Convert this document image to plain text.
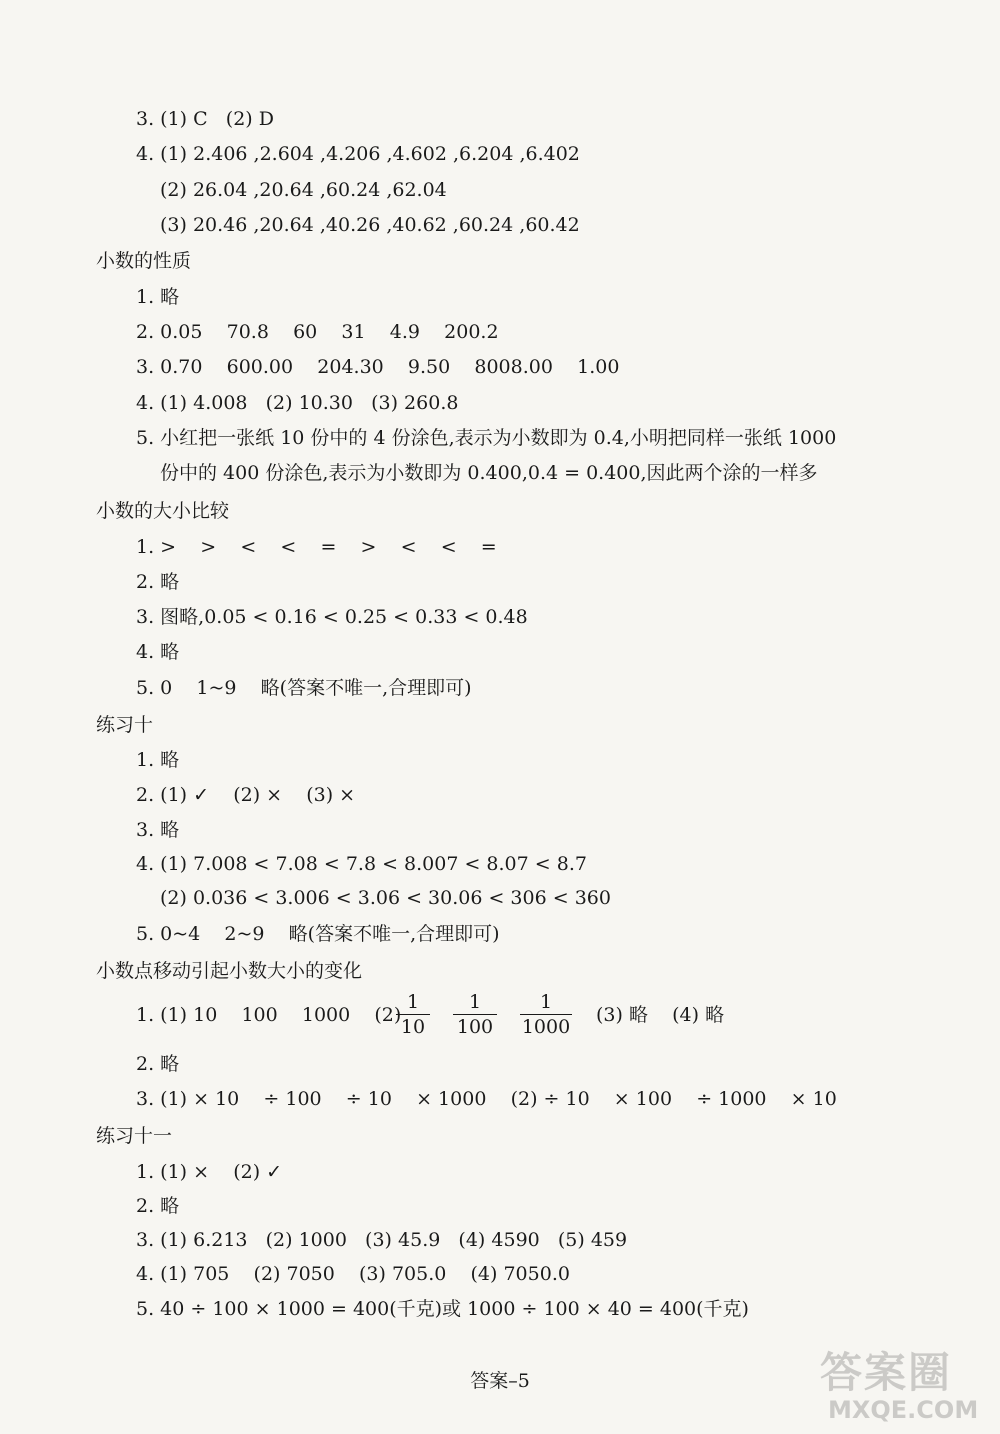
3. (1) C   (2) D
4. (1) 2.406 ,2.604 ,4.206 ,4.602 ,6.204 ,6.402
(2) 26.04 ,20.64 ,60.24 ,62.04
(3) 20.46 ,20.64 ,40.26 ,40.62 ,60.24 ,60.42
小数的性质
1. 略
2. 0.05    70.8    60    31    4.9    200.2
3. 0.70    600.00    204.30    9.50    8008.00    1.00
4. (1) 4.008   (2) 10.30   (3) 260.8
5. 小红把一张纸 10 份中的 4 份涂色,表示为小数即为 0.4,小明把同样一张纸 1000
份中的 400 份涂色,表示为小数即为 0.400,0.4 = 0.400,因此两个涂的一样多
小数的大小比较
1. >    >    <    <    =    >    <    <    =
2. 略
3. 图略,0.05 < 0.16 < 0.25 < 0.33 < 0.48
4. 略
5. 0    1~9    略(答案不唯一,合理即可)
练习十
1. 略
2. (1) ✓    (2) ×    (3) ×
3. 略
4. (1) 7.008 < 7.08 < 7.8 < 8.007 < 8.07 < 8.7
(2) 0.036 < 3.006 < 3.06 < 30.06 < 306 < 360
5. 0~4    2~9    略(答案不唯一,合理即可)
小数点移动引起小数大小的变化
1. (1) 10    100    1000    (2)
1
10
1
100
1
1000
(3) 略    (4) 略
2. 略
3. (1) × 10    ÷ 100    ÷ 10    × 1000    (2) ÷ 10    × 100    ÷ 1000    × 10
练习十一
1. (1) ×    (2) ✓
2. 略
3. (1) 6.213   (2) 1000   (3) 45.9   (4) 4590   (5) 459
4. (1) 705    (2) 7050    (3) 705.0    (4) 7050.0
5. 40 ÷ 100 × 1000 = 400(千克)或 1000 ÷ 100 × 40 = 400(千克)
答案–5	答案圈
MXQE.COM
